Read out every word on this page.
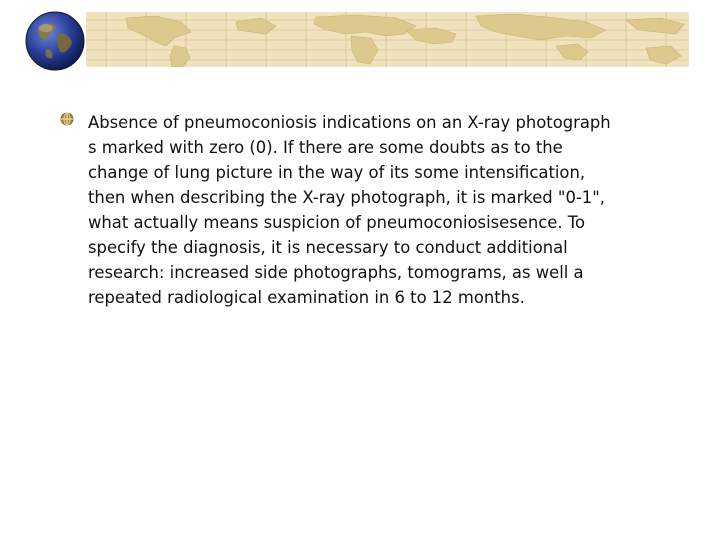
Absence of pneumoconiosis indications on an X-ray photograph
s marked with zero (0). If there are some doubts as to the
change of lung picture in the way of its some intensification,
then when describing the X-ray photograph, it is marked "0-1",
what actually means suspicion of pneumoconiosisesence. To
specify the diagnosis, it is necessary to conduct additional
research: increased side photographs, tomograms, as well a
repeated radiological examination in 6 to 12 months.
